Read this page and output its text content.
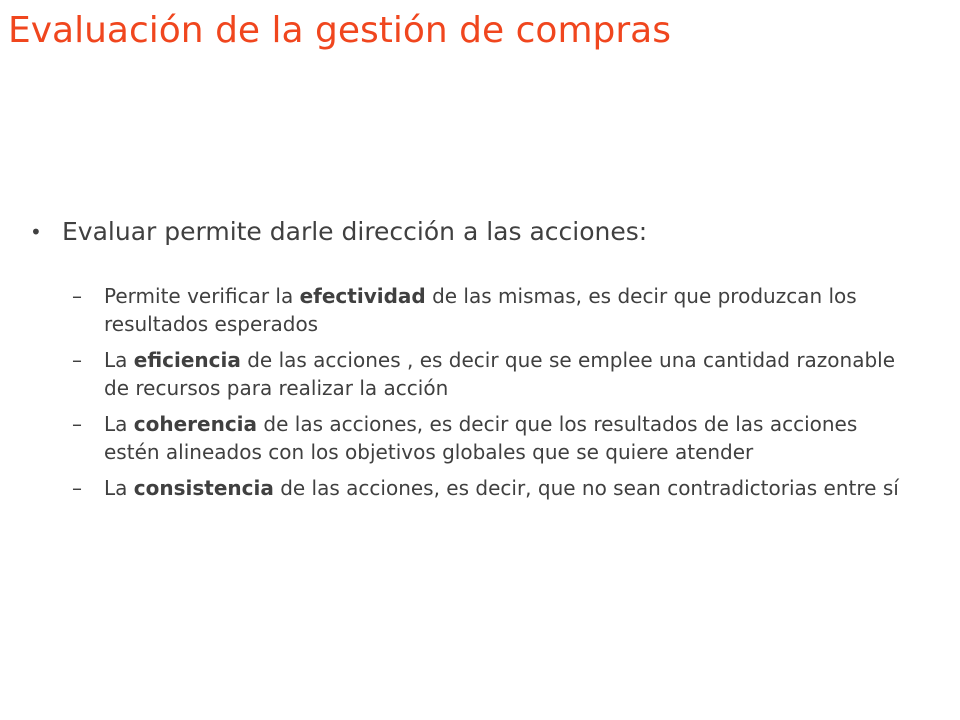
Evaluación de la gestión de compras
• Evaluar permite darle dirección a las acciones:
–	Permite verificar la efectividad de las mismas, es decir que produzcan los resultados esperados
–	La eficiencia de las acciones , es decir que se emplee una cantidad razonable de recursos para realizar la acción
–	La coherencia de las acciones, es decir que los resultados de las acciones estén alineados con los objetivos globales que se quiere atender
–	La consistencia de las acciones, es decir, que no sean contradictorias entre sí
